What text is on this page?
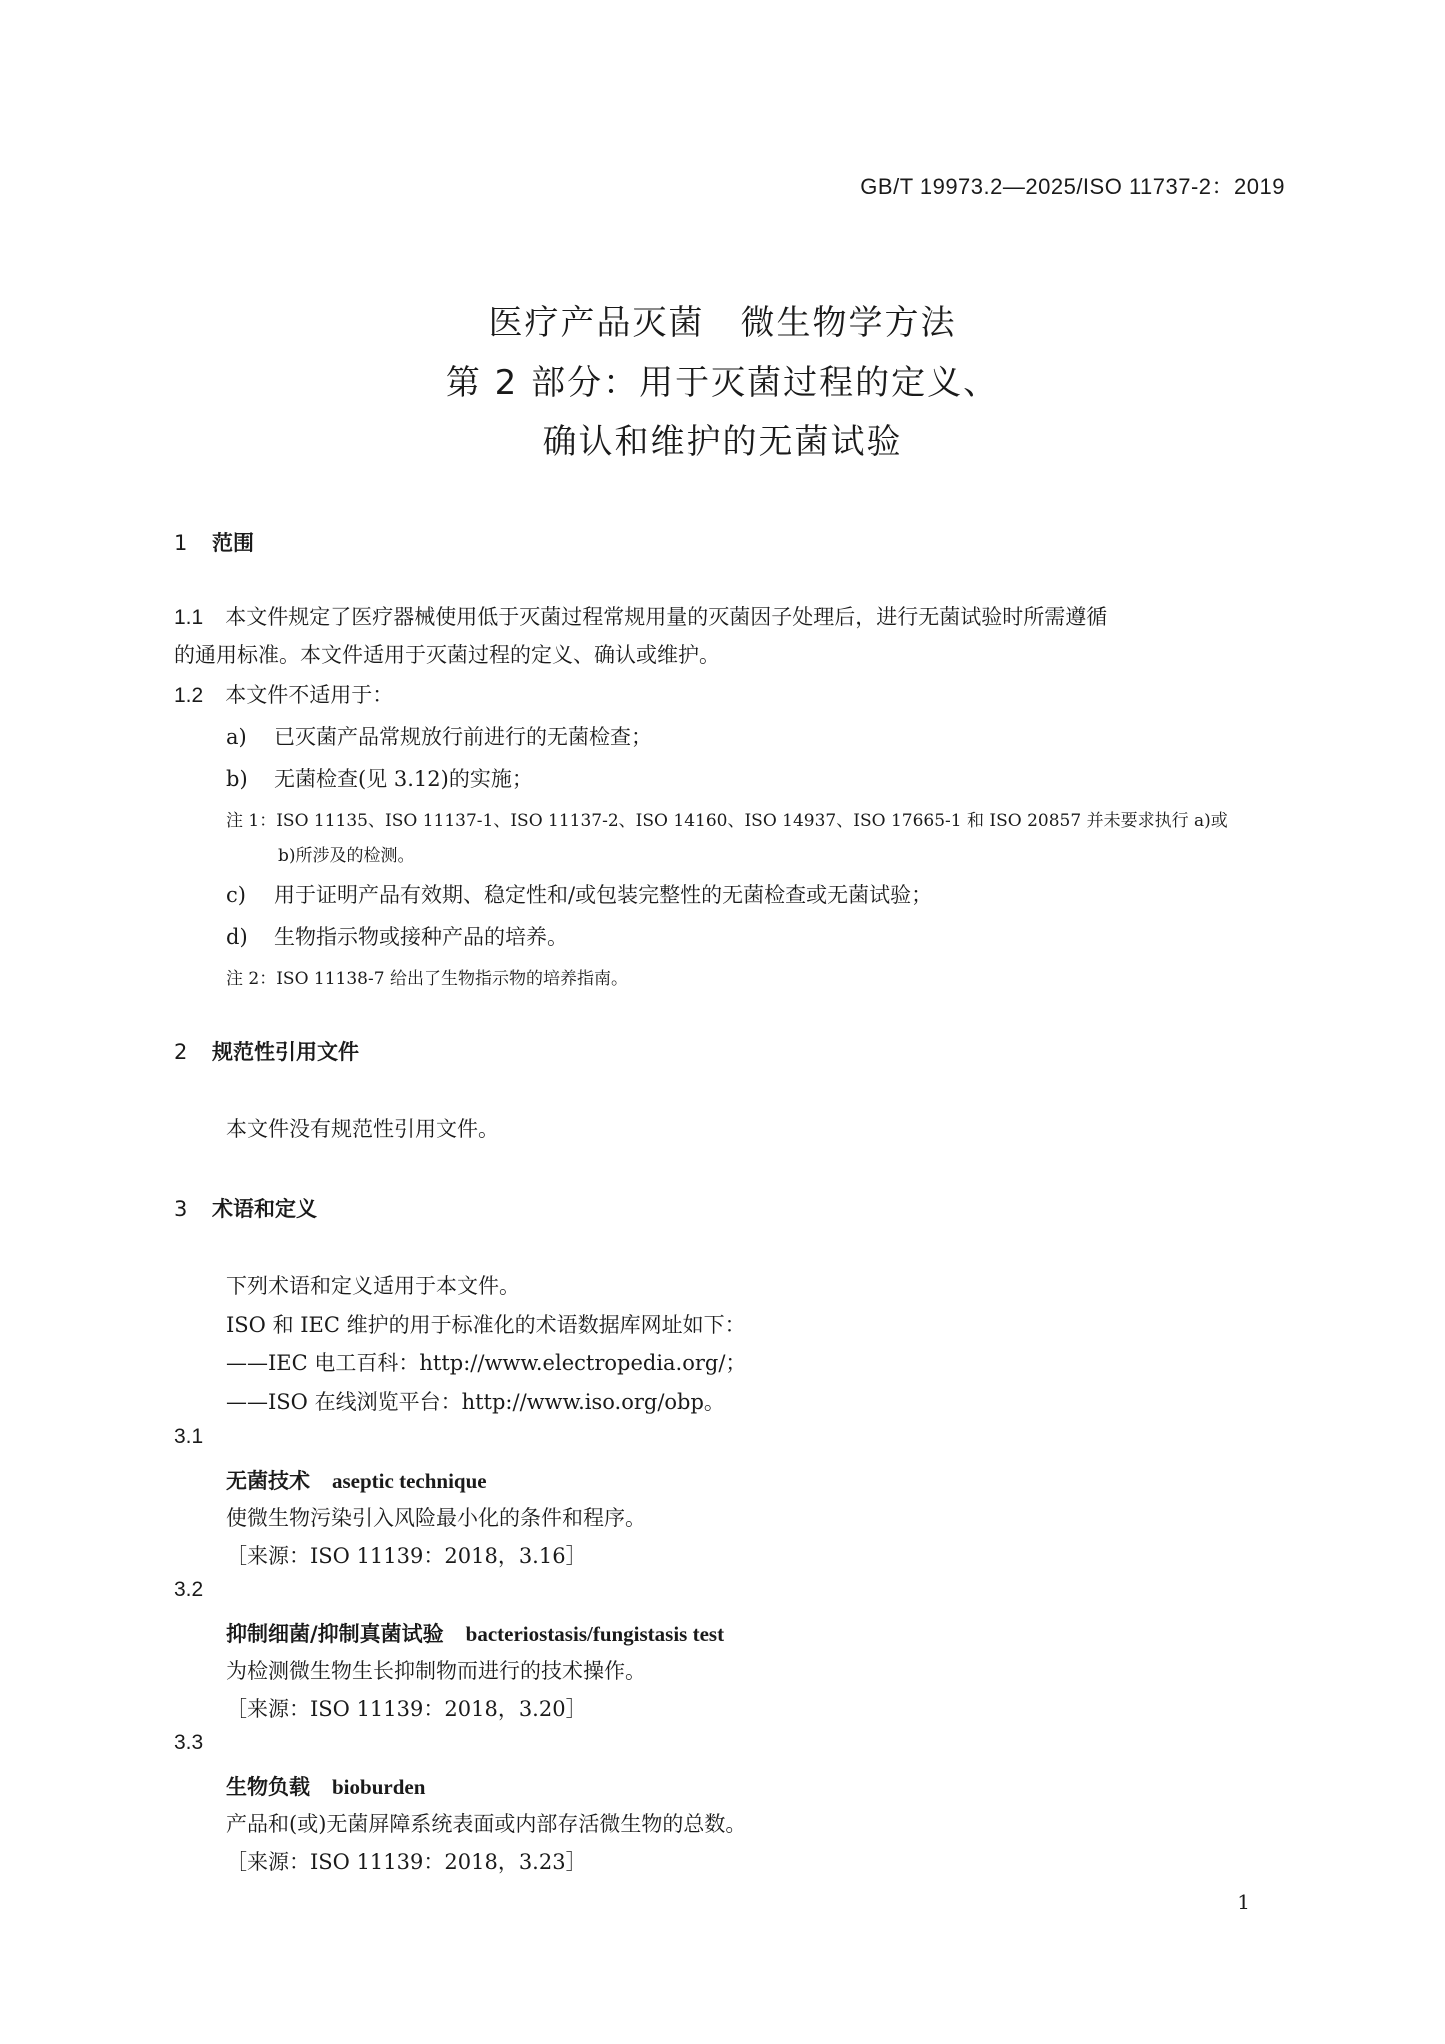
GB/T 19973.2—2025/ISO 11737-2：2019
医疗产品灭菌　微生物学方法
第 2 部分：用于灭菌过程的定义、
确认和维护的无菌试验
1 范围
1.1 本文件规定了医疗器械使用低于灭菌过程常规用量的灭菌因子处理后，进行无菌试验时所需遵循
的通用标准。本文件适用于灭菌过程的定义、确认或维护。
1.2 本文件不适用于：
a) 已灭菌产品常规放行前进行的无菌检查；
b) 无菌检查(见 3.12)的实施；
注 1：ISO 11135、ISO 11137-1、ISO 11137-2、ISO 14160、ISO 14937、ISO 17665-1 和 ISO 20857 并未要求执行 a)或
b)所涉及的检测。
c) 用于证明产品有效期、稳定性和/或包装完整性的无菌检查或无菌试验；
d) 生物指示物或接种产品的培养。
注 2：ISO 11138-7 给出了生物指示物的培养指南。
2 规范性引用文件
本文件没有规范性引用文件。
3 术语和定义
下列术语和定义适用于本文件。
ISO 和 IEC 维护的用于标准化的术语数据库网址如下：
——IEC 电工百科：http://www.electropedia.org/；
——ISO 在线浏览平台：http://www.iso.org/obp。
3.1
无菌技术 aseptic technique
使微生物污染引入风险最小化的条件和程序。
［来源：ISO 11139：2018，3.16］
3.2
抑制细菌/抑制真菌试验 bacteriostasis/fungistasis test
为检测微生物生长抑制物而进行的技术操作。
［来源：ISO 11139：2018，3.20］
3.3
生物负载 bioburden
产品和(或)无菌屏障系统表面或内部存活微生物的总数。
［来源：ISO 11139：2018，3.23］
1
